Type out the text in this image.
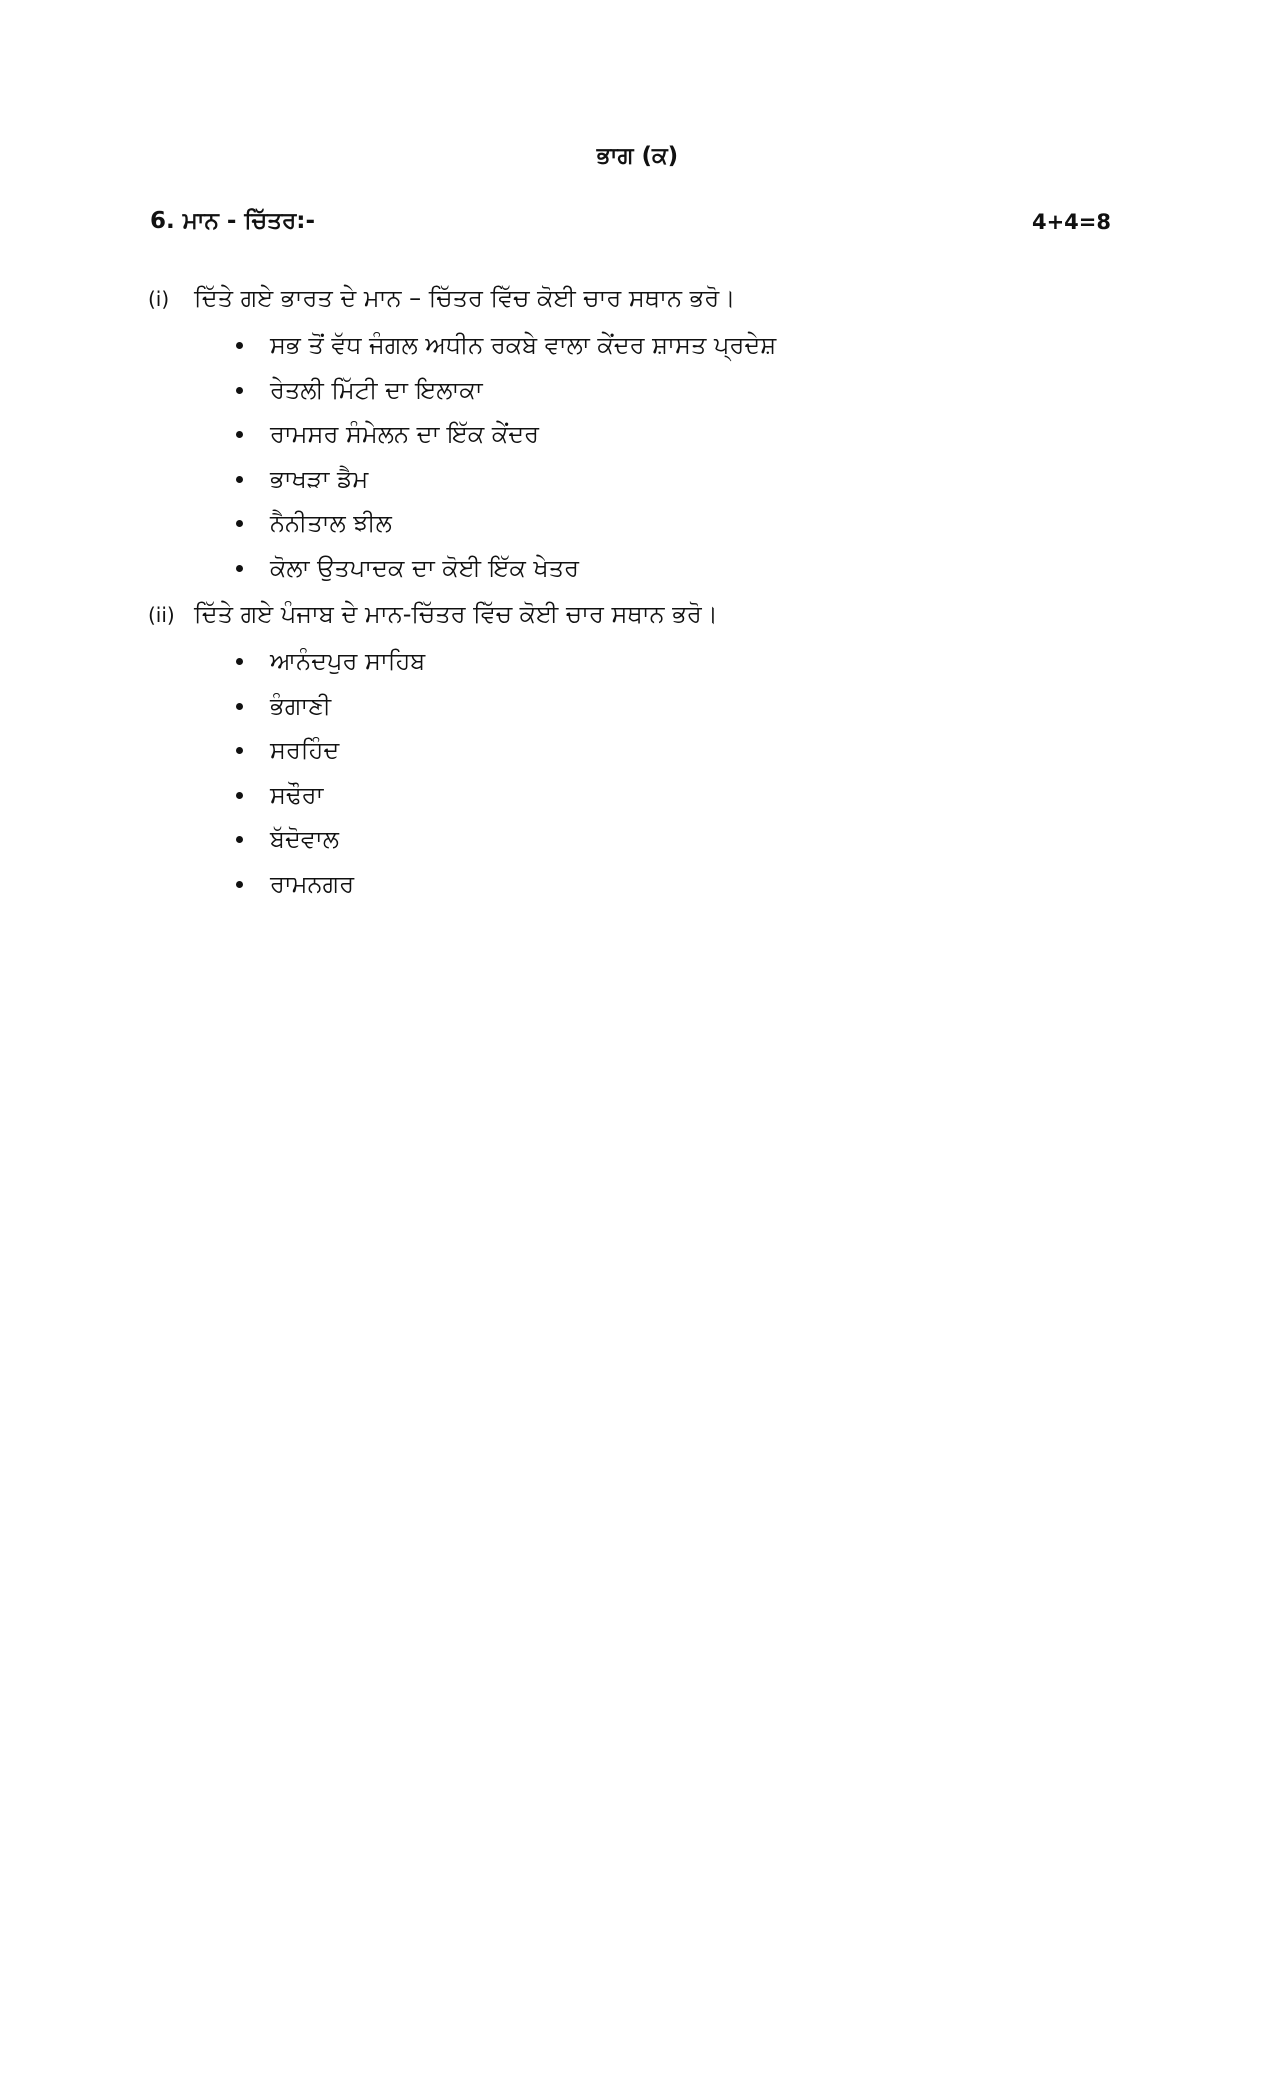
ਭਾਗ (ਕ)
6. ਮਾਨ - ਚਿੱਤਰ:-	4+4=8
(i)	ਦਿੱਤੇ ਗਏ ਭਾਰਤ ਦੇ ਮਾਨ – ਚਿੱਤਰ ਵਿੱਚ ਕੋਈ ਚਾਰ ਸਥਾਨ ਭਰੋ।
ਸਭ ਤੋਂ ਵੱਧ ਜੰਗਲ ਅਧੀਨ ਰਕਬੇ ਵਾਲਾ ਕੇਂਦਰ ਸ਼ਾਸਤ ਪ੍ਰਦੇਸ਼
ਰੇਤਲੀ ਮਿੱਟੀ ਦਾ ਇਲਾਕਾ
ਰਾਮਸਰ ਸੰਮੇਲਨ ਦਾ ਇੱਕ ਕੇਂਦਰ
ਭਾਖੜਾ ਡੈਮ
ਨੈਨੀਤਾਲ ਝੀਲ
ਕੋਲਾ ਉਤਪਾਦਕ ਦਾ ਕੋਈ ਇੱਕ ਖੇਤਰ
(ii) ਦਿੱਤੇ ਗਏ ਪੰਜਾਬ ਦੇ ਮਾਨ-ਚਿੱਤਰ ਵਿੱਚ ਕੋਈ ਚਾਰ ਸਥਾਨ ਭਰੋ।
ਆਨੰਦਪੁਰ ਸਾਹਿਬ
ਭੰਗਾਣੀ
ਸਰਹਿੰਦ
ਸਢੌਰਾ
ਬੱਦੋਵਾਲ
ਰਾਮਨਗਰ
